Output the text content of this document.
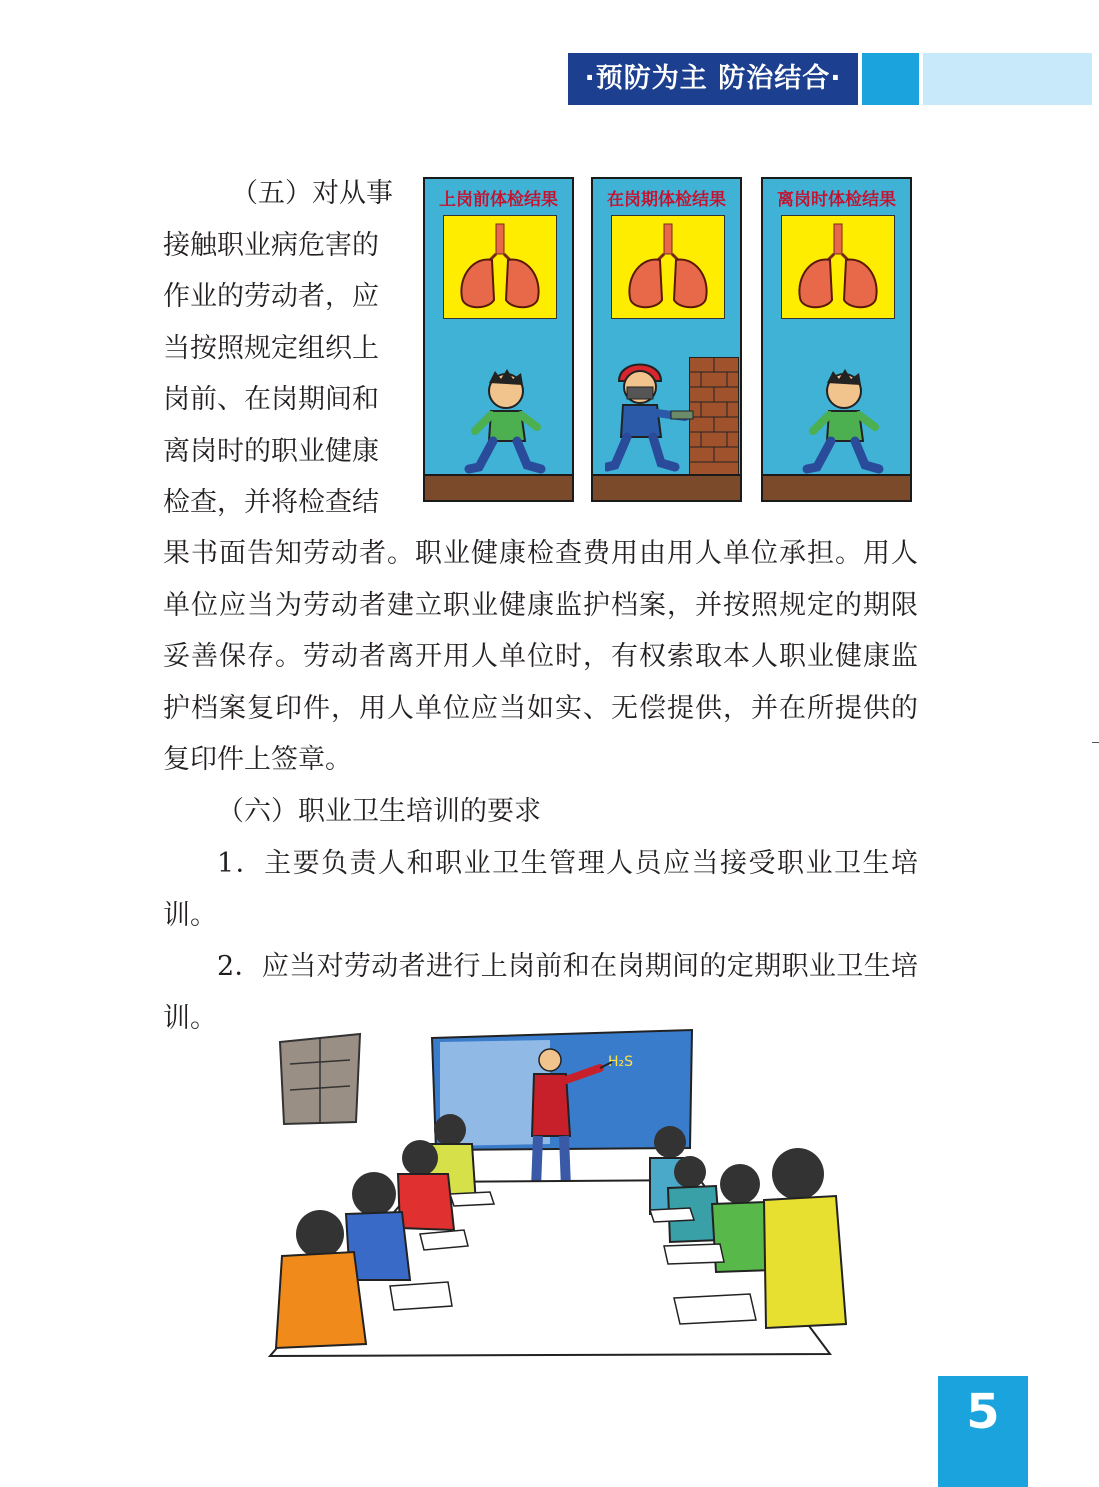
·预防为主 防治结合·
（五）对从事
接触职业病危害的
作业的劳动者，应
当按照规定组织上
岗前、在岗期间和
离岗时的职业健康
检查，并将检查结
上岗前体检结果	在岗期体检结果	离岗时体检结果

果书面告知劳动者。职业健康检查费用由用人单位承担。用人单位应当为劳动者建立职业健康监护档案，并按照规定的期限妥善保存。劳动者离开用人单位时，有权索取本人职业健康监护档案复印件，用人单位应当如实、无偿提供，并在所提供的复印件上签章。

（六）职业卫生培训的要求

1．主要负责人和职业卫生管理人员应当接受职业卫生培训。

2．应当对劳动者进行上岗前和在岗期间的定期职业卫生培训。

H₂S
5
